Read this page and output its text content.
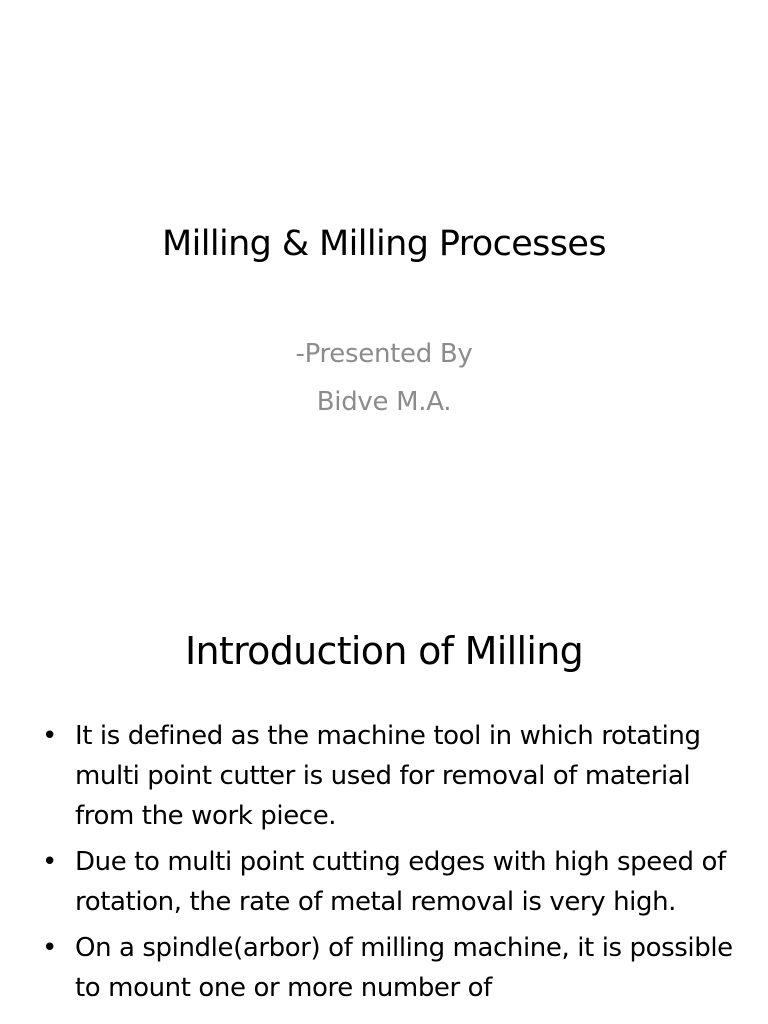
Milling & Milling Processes
-Presented By
Bidve M.A.
Introduction of Milling
• It is defined as the machine tool in which rotating multi point cutter is used for removal of material from the work piece.
• Due to multi point cutting edges with high speed of rotation, the rate of metal removal is very high.
• On a spindle(arbor) of milling machine, it is possible to mount one or more number of
